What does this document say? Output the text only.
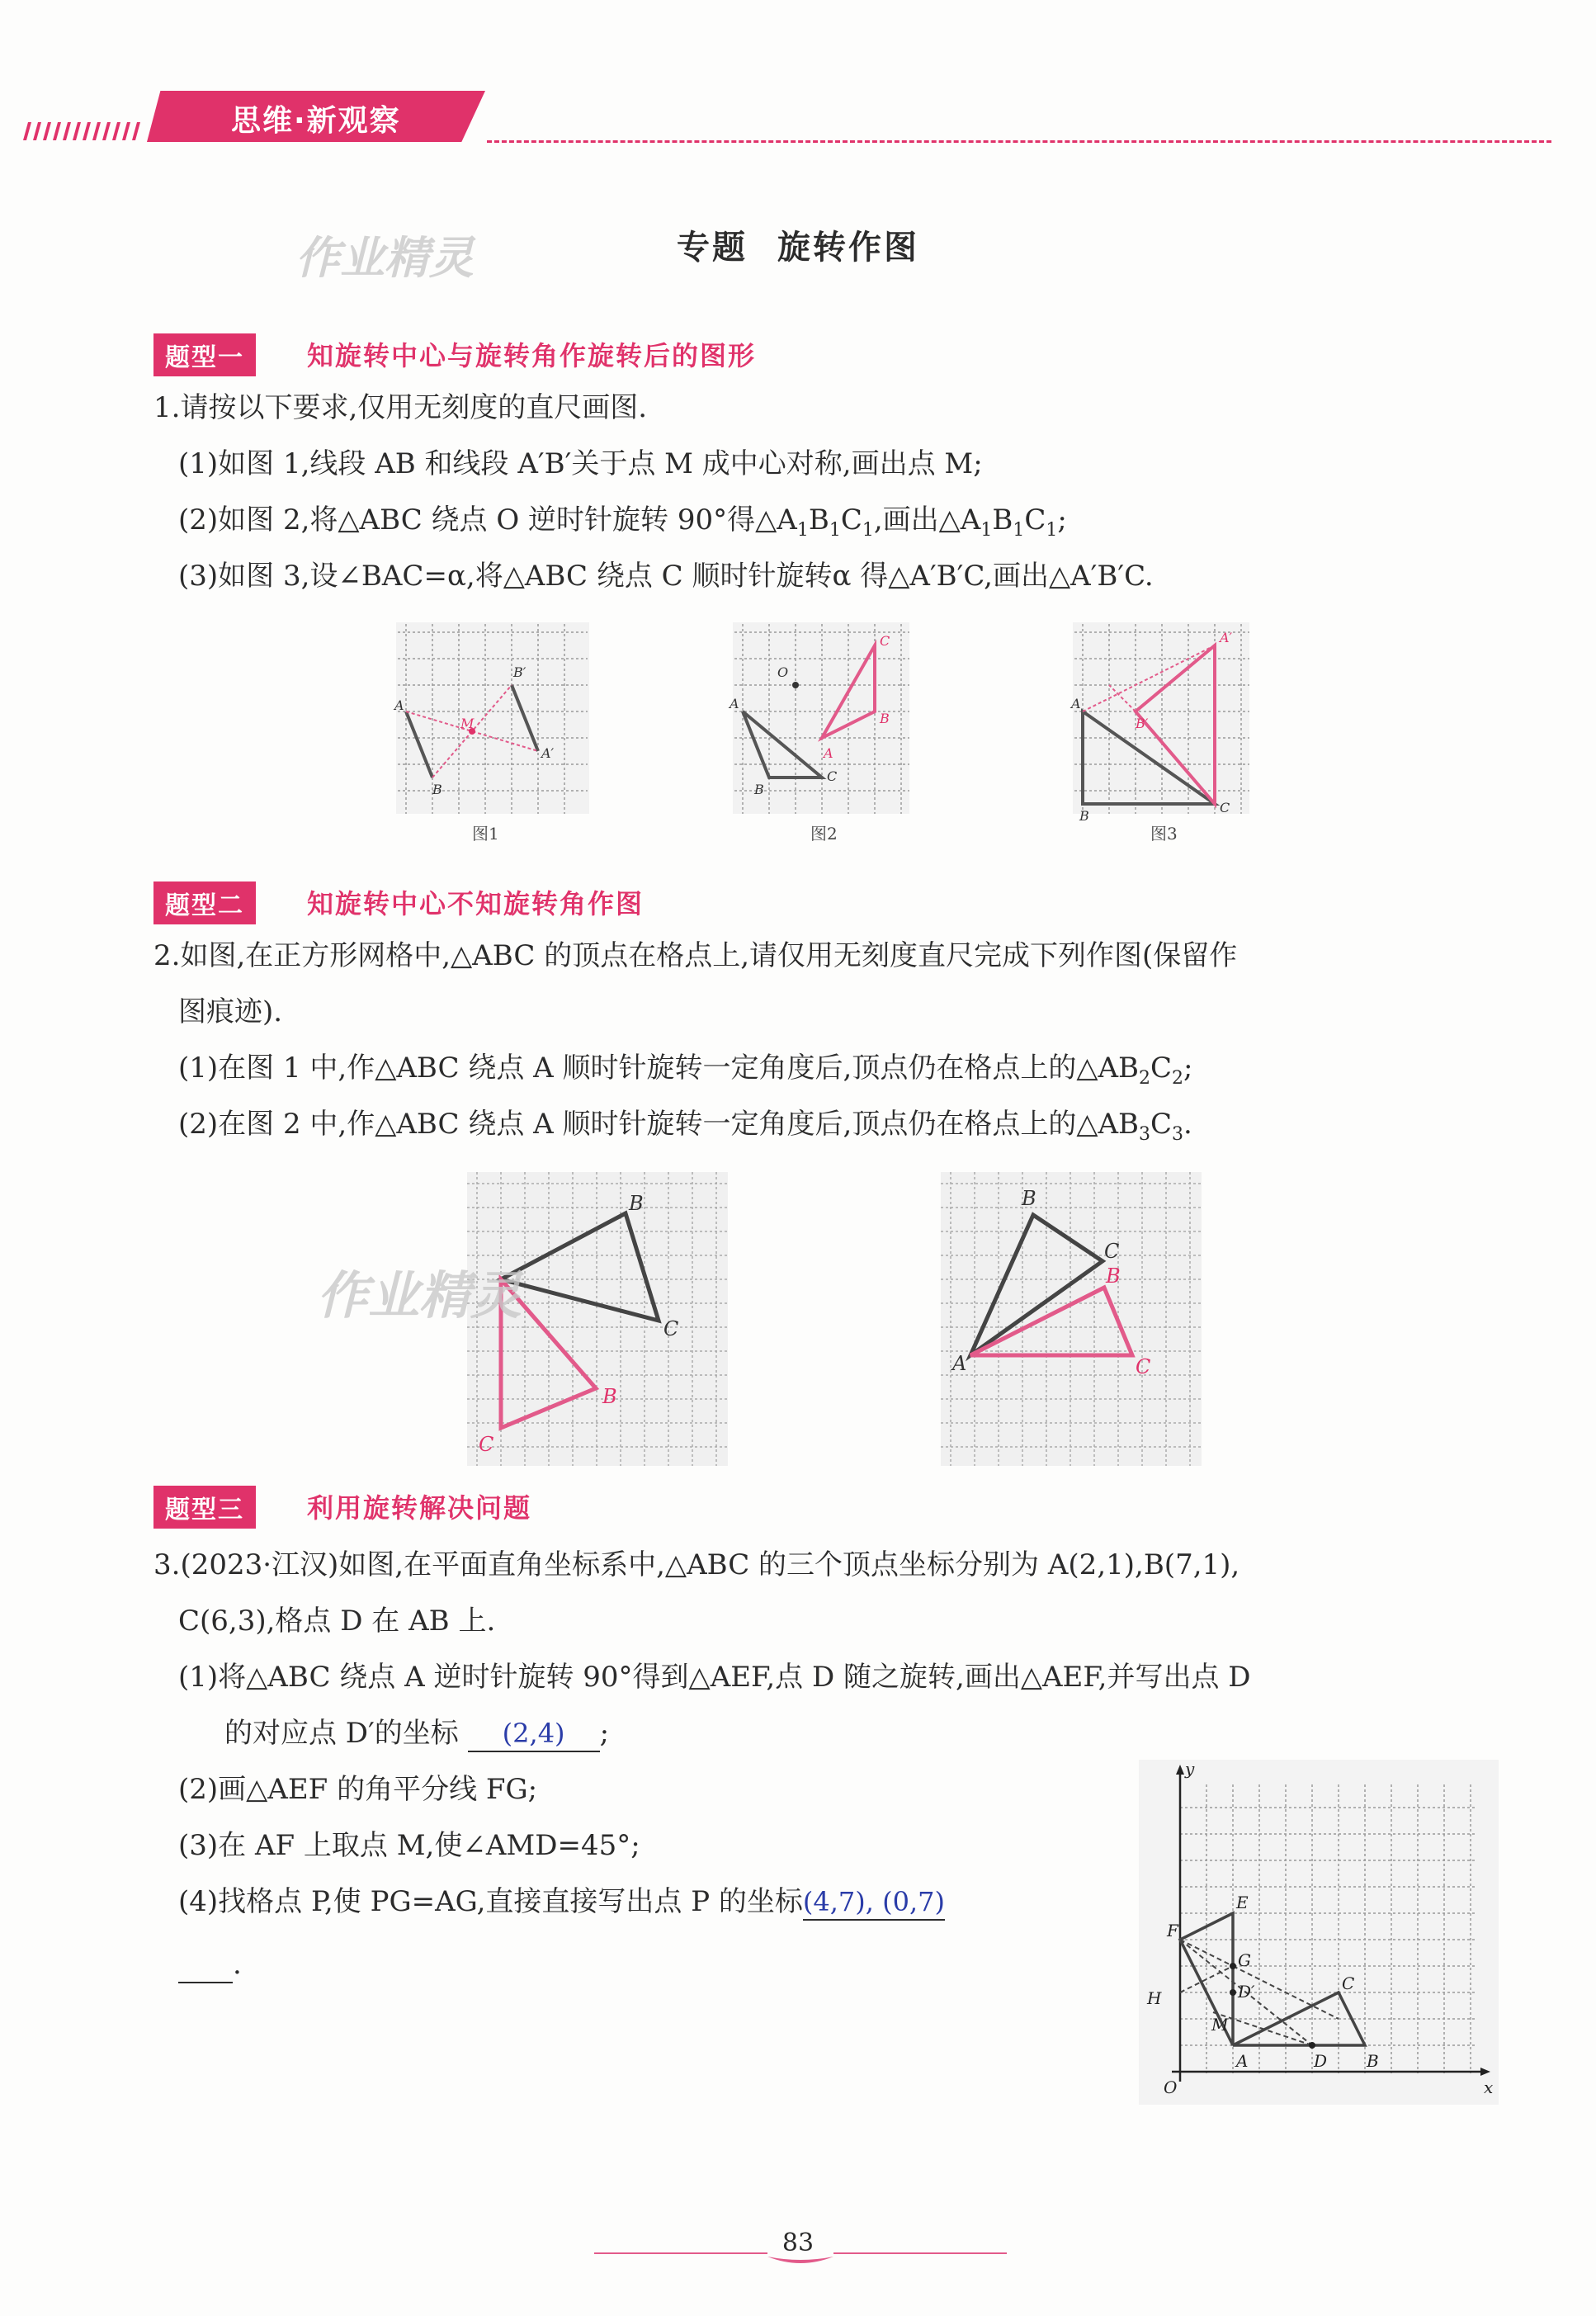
思维·新观察
作业精灵	专题 旋转作图
题型一	知旋转中心与旋转角作旋转后的图形
1.请按以下要求,仅用无刻度的直尺画图.
(1)如图 1,线段 AB 和线段 A′B′关于点 M 成中心对称,画出点 M;
(2)如图 2,将△ABC 绕点 O 逆时针旋转 90°得$\triangle A_1B_1C_1$,画出$\triangle A_1B_1C_1$;
(3)如图 3,设∠BAC=α,将△ABC 绕点 C 顺时针旋转α 得△A′B′C,画出△A′B′C.
A
B
B′
A′
M
图1
O
A
B
C
C
B
A
图2
A
B
C
A′
B′
图3
题型二	知旋转中心不知旋转角作图
2.如图,在正方形网格中,△ABC 的顶点在格点上,请仅用无刻度直尺完成下列作图(保留作
图痕迹).
(1)在图 1 中,作△ABC 绕点 A 顺时针旋转一定角度后,顶点仍在格点上的$\triangle AB_2C_2$;
(2)在图 2 中,作△ABC 绕点 A 顺时针旋转一定角度后,顶点仍在格点上的$\triangle AB_3C_3$.
B
C
B
C
作业精灵
B
C
A
B
C
题型三	利用旋转解决问题
3.(2023·江汉)如图,在平面直角坐标系中,△ABC 的三个顶点坐标分别为 A(2,1),B(7,1),
C(6,3),格点 D 在 AB 上.
(1)将△ABC 绕点 A 逆时针旋转 90°得到△AEF,点 D 随之旋转,画出△AEF,并写出点 D
的对应点 D′的坐标 (2,4) ;
(2)画△AEF 的角平分线 FG;
(3)在 AF 上取点 M,使∠AMD=45°;
(4)找格点 P,使 PG=AG,直接直接写出点 P 的坐标(4,7), (0,7)
.
y
x
O
A	B
C
D
E
F
G
D′
H
M
83
